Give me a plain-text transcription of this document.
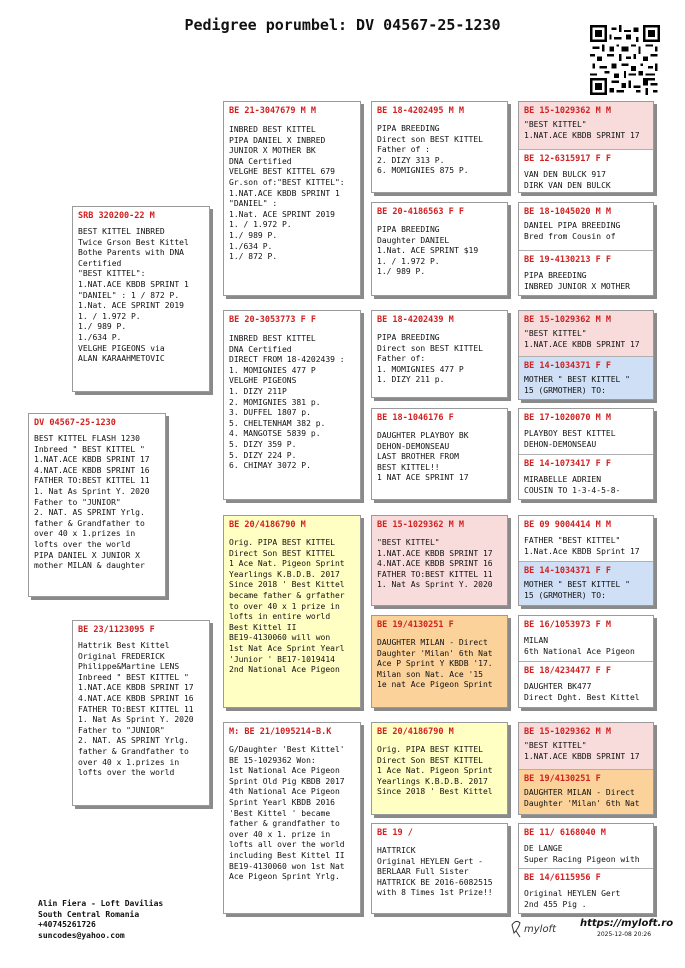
Pedigree porumbel: DV 04567-25-1230
DV 04567-25-1230
BEST KITTEL FLASH 1230
Inbreed " BEST KITTEL "
1.NAT.ACE KBDB SPRINT 17
4.NAT.ACE KBDB SPRINT 16
FATHER TO:BEST KITTEL 11
1. Nat As Sprint Y. 2020
Father to "JUNIOR"
2. NAT. AS SPRINT Yrlg.
father & Grandfather to
over 40 x 1.prizes in
lofts over the world
PIPA DANIEL X JUNIOR X
mother MILAN & daughter
SRB 320200-22 M
BEST KITTEL INBRED
Twice Grson Best Kittel
Bothe Parents with DNA
Certified
"BEST KITTEL":
1.NAT.ACE KBDB SPRINT 1
"DANIEL" : 1 / 872 P.
1.Nat. ACE SPRINT 2019
1. / 1.972 P.
1./ 989 P.
1./634 P.
VELGHE PIGEONS via
ALAN KARAAHMETOVIC
BE 23/1123095 F
Hattrik Best Kittel
Original FREDERICK
Philippe&Martine LENS
Inbreed " BEST KITTEL "
1.NAT.ACE KBDB SPRINT 17
4.NAT.ACE KBDB SPRINT 16
FATHER TO:BEST KITTEL 11
1. Nat As Sprint Y. 2020
Father to "JUNIOR"
2. NAT. AS SPRINT Yrlg.
father & Grandfather to
over 40 x 1.prizes in
lofts over the world
BE 21-3047679 M M
INBRED BEST KITTEL
PIPA DANIEL X INBRED
JUNIOR X MOTHER BK
DNA Certified
VELGHE BEST KITTEL 679
Gr.son of:"BEST KITTEL":
1.NAT.ACE KBDB SPRINT 1
"DANIEL" :
1.Nat. ACE SPRINT 2019
1. / 1.972 P.
1./ 989 P.
1./634 P.
1./ 872 P.
BE 20-3053773 F F
INBRED BEST KITTEL
DNA Certified
DIRECT FROM 18-4202439 :
1. MOMIGNIES 477 P
VELGHE PIGEONS
1. DIZY 211P
2. MOMIGNIES 381 p.
3. DUFFEL 1807 p.
5. CHELTENHAM 382 p.
4. MANGOTSE 5839 p.
5. DIZY 359 P.
5. DIZY 224 P.
6. CHIMAY 3072 P.
BE 20/4186790 M
Orig. PIPA BEST KITTEL
Direct Son BEST KITTEL
1 Ace Nat. Pigeon Sprint
Yearlings K.B.D.B. 2017
Since 2018 ' Best Kittel
became father & grfather
to over 40 x 1 prize in
lofts in entire world
Best Kittel II
BE19-4130060 will won
1st Nat Ace Sprint Yearl
'Junior ' BE17-1019414
2nd National Ace Pigeon
M: BE 21/1095214-B.K
G/Daughter 'Best Kittel'
BE 15-1029362 Won:
1st National Ace Pigeon
Sprint Old Pig KBDB 2017
4th National Ace Pigeon
Sprint Yearl KBDB 2016
'Best Kittel ' became
father & grandfather to
over 40 x 1. prize in
lofts all over the world
including Best Kittel II
BE19-4130060 won 1st Nat
Ace Pigeon Sprint Yrlg.
BE 18-4202495 M M
PIPA BREEDING
Direct son BEST KITTEL
Father of :
2. DIZY 313 P.
6. MOMIGNIES 875 P.
BE 20-4186563 F F
PIPA BREEDING
Daughter DANIEL
1.Nat. ACE SPRINT $19
1. / 1.972 P.
1./ 989 P.
BE 18-4202439 M
PIPA BREEDING
Direct son BEST KITTEL
Father of:
1. MOMIGNIES 477 P
1. DIZY 211 p.
BE 18-1046176 F
DAUGHTER PLAYBOY BK
DEHON-DEMONSEAU
LAST BROTHER FROM
BEST KITTEL!!
1 NAT ACE SPRINT 17
BE 15-1029362 M M
"BEST KITTEL"
1.NAT.ACE KBDB SPRINT 17
4.NAT.ACE KBDB SPRINT 16
FATHER TO:BEST KITTEL 11
1. Nat As Sprint Y. 2020
BE 19/4130251 F
DAUGHTER MILAN - Direct
Daughter 'Milan' 6th Nat
Ace P Sprint Y KBDB '17.
Milan son Nat. Ace '15
1e nat Ace Pigeon Sprint
BE 20/4186790 M
Orig. PIPA BEST KITTEL
Direct Son BEST KITTEL
1 Ace Nat. Pigeon Sprint
Yearlings K.B.D.B. 2017
Since 2018 ' Best Kittel
BE 19 /
HATTRICK
Original HEYLEN Gert -
BERLAAR Full Sister
HATTRICK BE 2016-6082515
with 8 Times 1st Prize!!
BE 15-1029362 M M
"BEST KITTEL"
1.NAT.ACE KBDB SPRINT 17
BE 12-6315917 F F
VAN DEN BULCK 917
DIRK VAN DEN BULCK
BE 18-1045020 M M
DANIEL PIPA BREEDING
Bred from Cousin of
BE 19-4130213 F F
PIPA BREEDING
INBRED JUNIOR X MOTHER
BE 15-1029362 M M
"BEST KITTEL"
1.NAT.ACE KBDB SPRINT 17
BE 14-1034371 F F
MOTHER " BEST KITTEL "
15 (GRMOTHER) TO:
BE 17-1020070 M M
PLAYBOY BEST KITTEL
DEHON-DEMONSEAU
BE 14-1073417 F F
MIRABELLE ADRIEN
COUSIN TO 1-3-4-5-8-
BE 09 9004414 M M
FATHER "BEST KITTEL"
1.Nat.Ace KBDB Sprint 17
BE 14-1034371 F F
MOTHER " BEST KITTEL "
15 (GRMOTHER) TO:
BE 16/1053973 F M
MILAN
6th National Ace Pigeon
BE 18/4234477 F F
DAUGHTER BK477
Direct Dght. Best Kittel
BE 15-1029362 M M
"BEST KITTEL"
1.NAT.ACE KBDB SPRINT 17
BE 19/4130251 F
DAUGHTER MILAN - Direct
Daughter 'Milan' 6th Nat
BE 11/ 6168040 M
DE LANGE
Super Racing Pigeon with
BE 14/6115956 F
Original HEYLEN Gert
2nd 455 Pig .
Alin Fiera - Loft Davilias
South Central Romania
+40745261726
suncodes@yahoo.com	myloft
https://myloft.ro
2025-12-08 20:26
